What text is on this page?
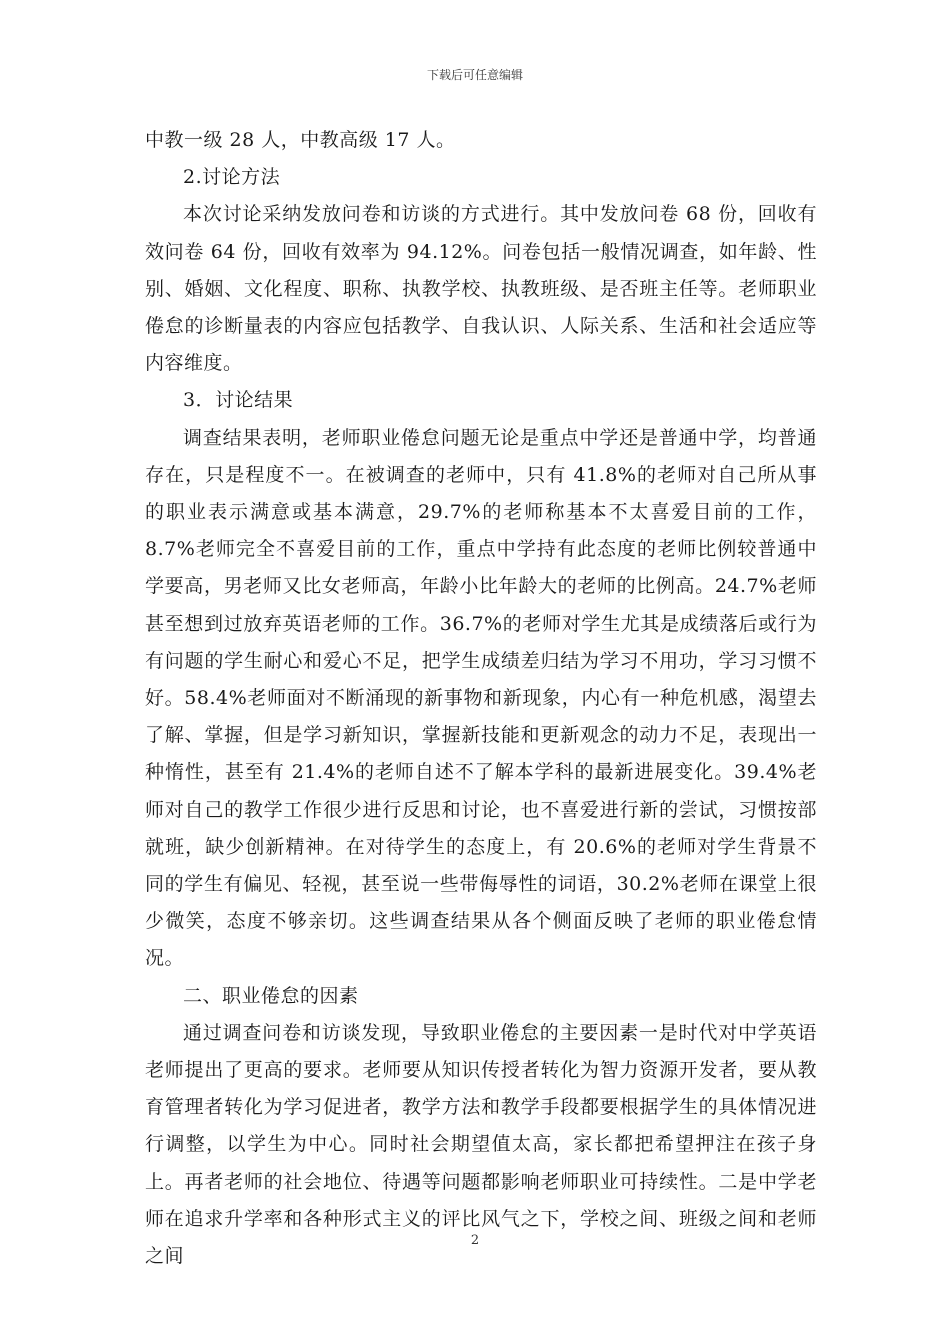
下载后可任意编辑

中教一级 28 人，中教高级 17 人。

2.讨论方法

本次讨论采纳发放问卷和访谈的方式进行。其中发放问卷 68 份，回收有效问卷 64 份，回收有效率为 94.12%。问卷包括一般情况调查，如年龄、性别、婚姻、文化程度、职称、执教学校、执教班级、是否班主任等。老师职业倦怠的诊断量表的内容应包括教学、自我认识、人际关系、生活和社会适应等内容维度。

3．讨论结果

调查结果表明，老师职业倦怠问题无论是重点中学还是普通中学，均普通存在，只是程度不一。在被调查的老师中，只有 41.8%的老师对自己所从事的职业表示满意或基本满意，29.7%的老师称基本不太喜爱目前的工作，8.7%老师完全不喜爱目前的工作，重点中学持有此态度的老师比例较普通中学要高，男老师又比女老师高，年龄小比年龄大的老师的比例高。24.7%老师甚至想到过放弃英语老师的工作。36.7%的老师对学生尤其是成绩落后或行为有问题的学生耐心和爱心不足，把学生成绩差归结为学习不用功，学习习惯不好。58.4%老师面对不断涌现的新事物和新现象，内心有一种危机感，渴望去了解、掌握，但是学习新知识，掌握新技能和更新观念的动力不足，表现出一种惰性，甚至有 21.4%的老师自述不了解本学科的最新进展变化。39.4%老师对自己的教学工作很少进行反思和讨论，也不喜爱进行新的尝试，习惯按部就班，缺少创新精神。在对待学生的态度上，有 20.6%的老师对学生背景不同的学生有偏见、轻视，甚至说一些带侮辱性的词语，30.2%老师在课堂上很少微笑，态度不够亲切。这些调查结果从各个侧面反映了老师的职业倦怠情况。

二、职业倦怠的因素

通过调查问卷和访谈发现，导致职业倦怠的主要因素一是时代对中学英语老师提出了更高的要求。老师要从知识传授者转化为智力资源开发者，要从教育管理者转化为学习促进者，教学方法和教学手段都要根据学生的具体情况进行调整，以学生为中心。同时社会期望值太高，家长都把希望押注在孩子身上。再者老师的社会地位、待遇等问题都影响老师职业可持续性。二是中学老师在追求升学率和各种形式主义的评比风气之下，学校之间、班级之间和老师之间

2
